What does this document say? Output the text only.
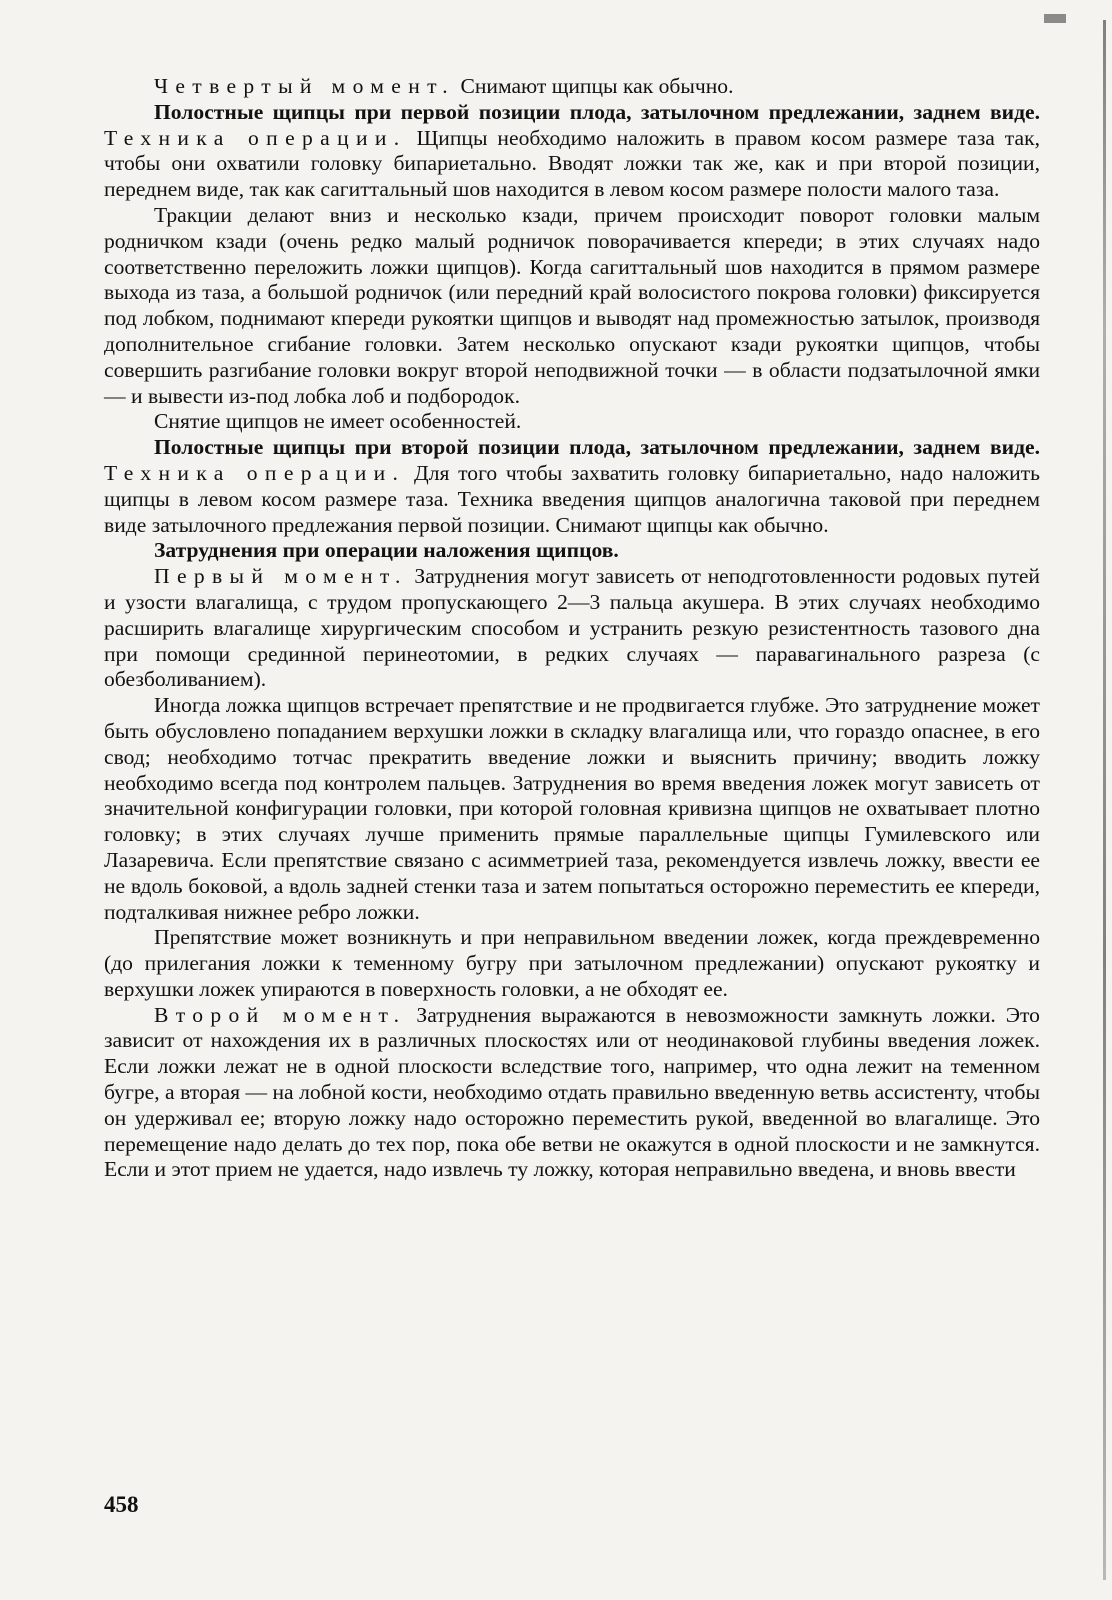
Четвертый момент. Снимают щипцы как обычно.

Полостные щипцы при первой позиции плода, затылочном предлежании, заднем виде. Техника операции. Щипцы необходимо наложить в правом косом размере таза так, чтобы они охватили головку бипариетально. Вводят ложки так же, как и при второй позиции, переднем виде, так как сагиттальный шов находится в левом косом размере полости малого таза.

Тракции делают вниз и несколько кзади, причем происходит поворот головки малым родничком кзади (очень редко малый родничок поворачивается кпереди; в этих случаях надо соответственно переложить ложки щипцов). Когда сагиттальный шов находится в прямом размере выхода из таза, а большой родничок (или передний край волосистого покрова головки) фиксируется под лобком, поднимают кпереди рукоятки щипцов и выводят над промежностью затылок, производя дополнительное сгибание головки. Затем несколько опускают кзади рукоятки щипцов, чтобы совершить разгибание головки вокруг второй неподвижной точки — в области подзатылочной ямки — и вывести из-под лобка лоб и подбородок.

Снятие щипцов не имеет особенностей.

Полостные щипцы при второй позиции плода, затылочном предлежании, заднем виде. Техника операции. Для того чтобы захватить головку бипариетально, надо наложить щипцы в левом косом размере таза. Техника введения щипцов аналогична таковой при переднем виде затылочного предлежания первой позиции. Снимают щипцы как обычно.

Затруднения при операции наложения щипцов.

Первый момент. Затруднения могут зависеть от неподготовленности родовых путей и узости влагалища, с трудом пропускающего 2—3 пальца акушера. В этих случаях необходимо расширить влагалище хирургическим способом и устранить резкую резистентность тазового дна при помощи срединной перинеотомии, в редких случаях — паравагинального разреза (с обезболиванием).

Иногда ложка щипцов встречает препятствие и не продвигается глубже. Это затруднение может быть обусловлено попаданием верхушки ложки в складку влагалища или, что гораздо опаснее, в его свод; необходимо тотчас прекратить введение ложки и выяснить причину; вводить ложку необходимо всегда под контролем пальцев. Затруднения во время введения ложек могут зависеть от значительной конфигурации головки, при которой головная кривизна щипцов не охватывает плотно головку; в этих случаях лучше применить прямые параллельные щипцы Гумилевского или Лазаревича. Если препятствие связано с асимметрией таза, рекомендуется извлечь ложку, ввести ее не вдоль боковой, а вдоль задней стенки таза и затем попытаться осторожно переместить ее кпереди, подталкивая нижнее ребро ложки.

Препятствие может возникнуть и при неправильном введении ложек, когда преждевременно (до прилегания ложки к теменному бугру при затылочном предлежании) опускают рукоятку и верхушки ложек упираются в поверхность головки, а не обходят ее.

Второй момент. Затруднения выражаются в невозможности замкнуть ложки. Это зависит от нахождения их в различных плоскостях или от неодинаковой глубины введения ложек. Если ложки лежат не в одной плоскости вследствие того, например, что одна лежит на теменном бугре, а вторая — на лобной кости, необходимо отдать правильно введенную ветвь ассистенту, чтобы он удерживал ее; вторую ложку надо осторожно переместить рукой, введенной во влагалище. Это перемещение надо делать до тех пор, пока обе ветви не окажутся в одной плоскости и не замкнутся. Если и этот прием не удается, надо извлечь ту ложку, которая неправильно введена, и вновь ввести

458
